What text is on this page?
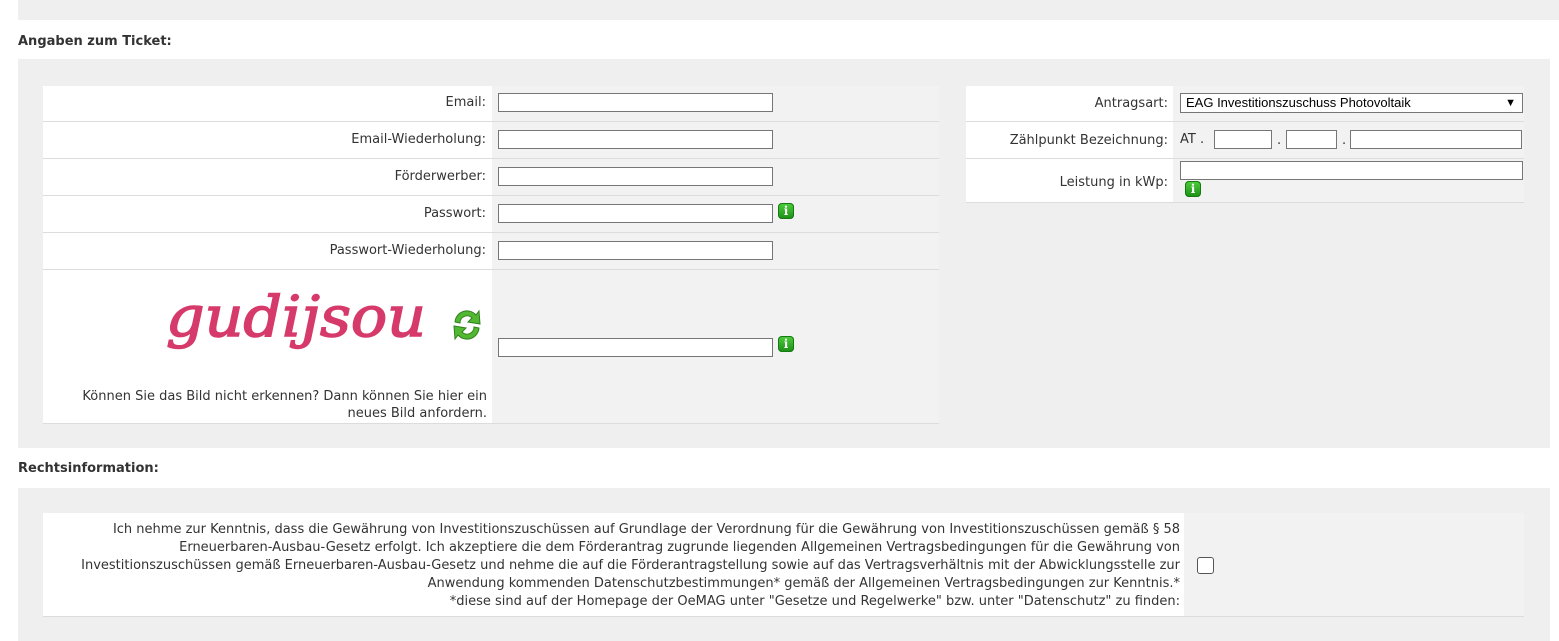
Angaben zum Ticket:
Email:
Email-Wiederholung:
Förderwerber:
Passwort:	i
Passwort-Wiederholung:
gudijsou	i
Können Sie das Bild nicht erkennen? Dann können Sie hier ein neues Bild anfordern.
Antragsart:	EAG Investitionszuschuss Photovoltaik	▼
Zählpunkt Bezeichnung: AT .	.	.
Leistung in kWp:	i
Rechtsinformation:
Ich nehme zur Kenntnis, dass die Gewährung von Investitionszuschüssen auf Grundlage der Verordnung für die Gewährung von Investitionszuschüssen gemäß § 58 Erneuerbaren-Ausbau-Gesetz erfolgt. Ich akzeptiere die dem Förderantrag zugrunde liegenden Allgemeinen Vertragsbedingungen für die Gewährung von Investitionszuschüssen gemäß Erneuerbaren-Ausbau-Gesetz und nehme die auf die Förderantragstellung sowie auf das Vertragsverhältnis mit der Abwicklungsstelle zur Anwendung kommenden Datenschutzbestimmungen* gemäß der Allgemeinen Vertragsbedingungen zur Kenntnis.*
*diese sind auf der Homepage der OeMAG unter "Gesetze und Regelwerke" bzw. unter "Datenschutz" zu finden:
